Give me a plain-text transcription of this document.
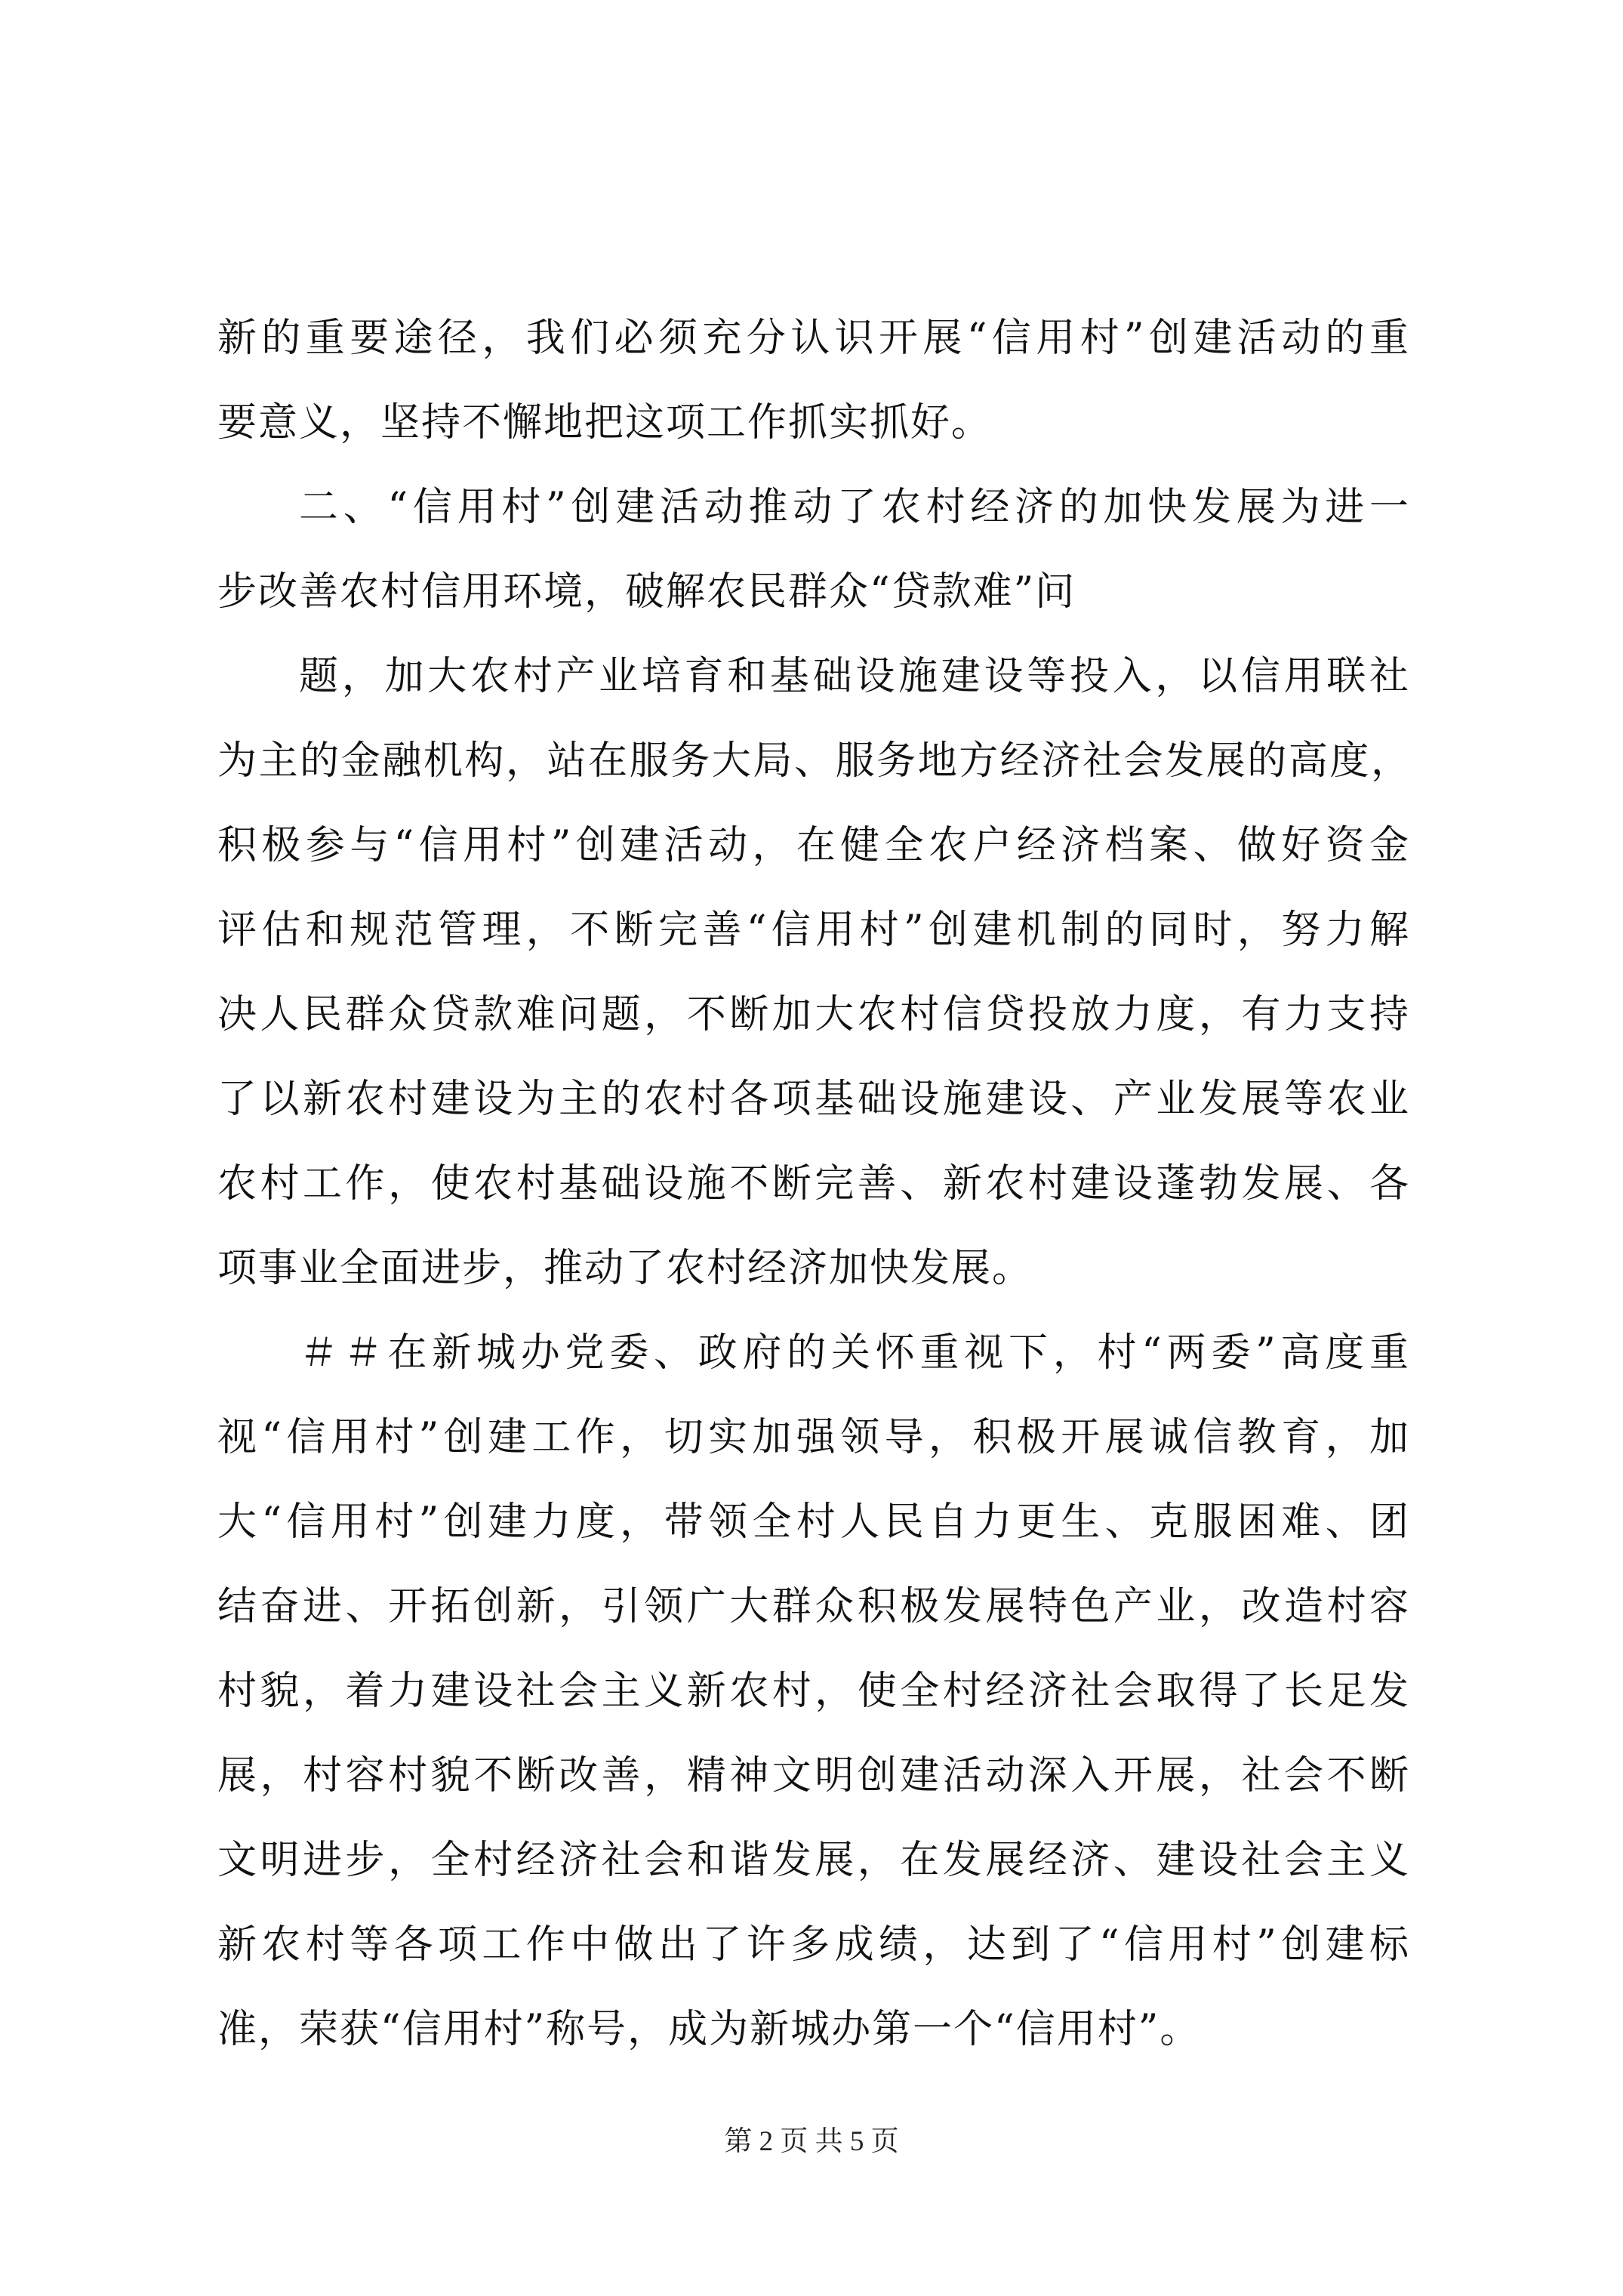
新的重要途径，我们必须充分认识开展“信用村”创建活动的重
要意义，坚持不懈地把这项工作抓实抓好。
二、“信用村”创建活动推动了农村经济的加快发展为进一
步改善农村信用环境，破解农民群众“贷款难”问
题，加大农村产业培育和基础设施建设等投入，以信用联社
为主的金融机构，站在服务大局、服务地方经济社会发展的高度，
积极参与“信用村”创建活动，在健全农户经济档案、做好资金
评估和规范管理，不断完善“信用村”创建机制的同时，努力解
决人民群众贷款难问题，不断加大农村信贷投放力度，有力支持
了以新农村建设为主的农村各项基础设施建设、产业发展等农业
农村工作，使农村基础设施不断完善、新农村建设蓬勃发展、各
项事业全面进步，推动了农村经济加快发展。
＃＃在新城办党委、政府的关怀重视下，村“两委”高度重
视“信用村”创建工作，切实加强领导，积极开展诚信教育，加
大“信用村”创建力度，带领全村人民自力更生、克服困难、团
结奋进、开拓创新，引领广大群众积极发展特色产业，改造村容
村貌，着力建设社会主义新农村，使全村经济社会取得了长足发
展，村容村貌不断改善，精神文明创建活动深入开展，社会不断
文明进步，全村经济社会和谐发展，在发展经济、建设社会主义
新农村等各项工作中做出了许多成绩，达到了“信用村”创建标
准，荣获“信用村”称号，成为新城办第一个“信用村”。
第 2 页 共 5 页
